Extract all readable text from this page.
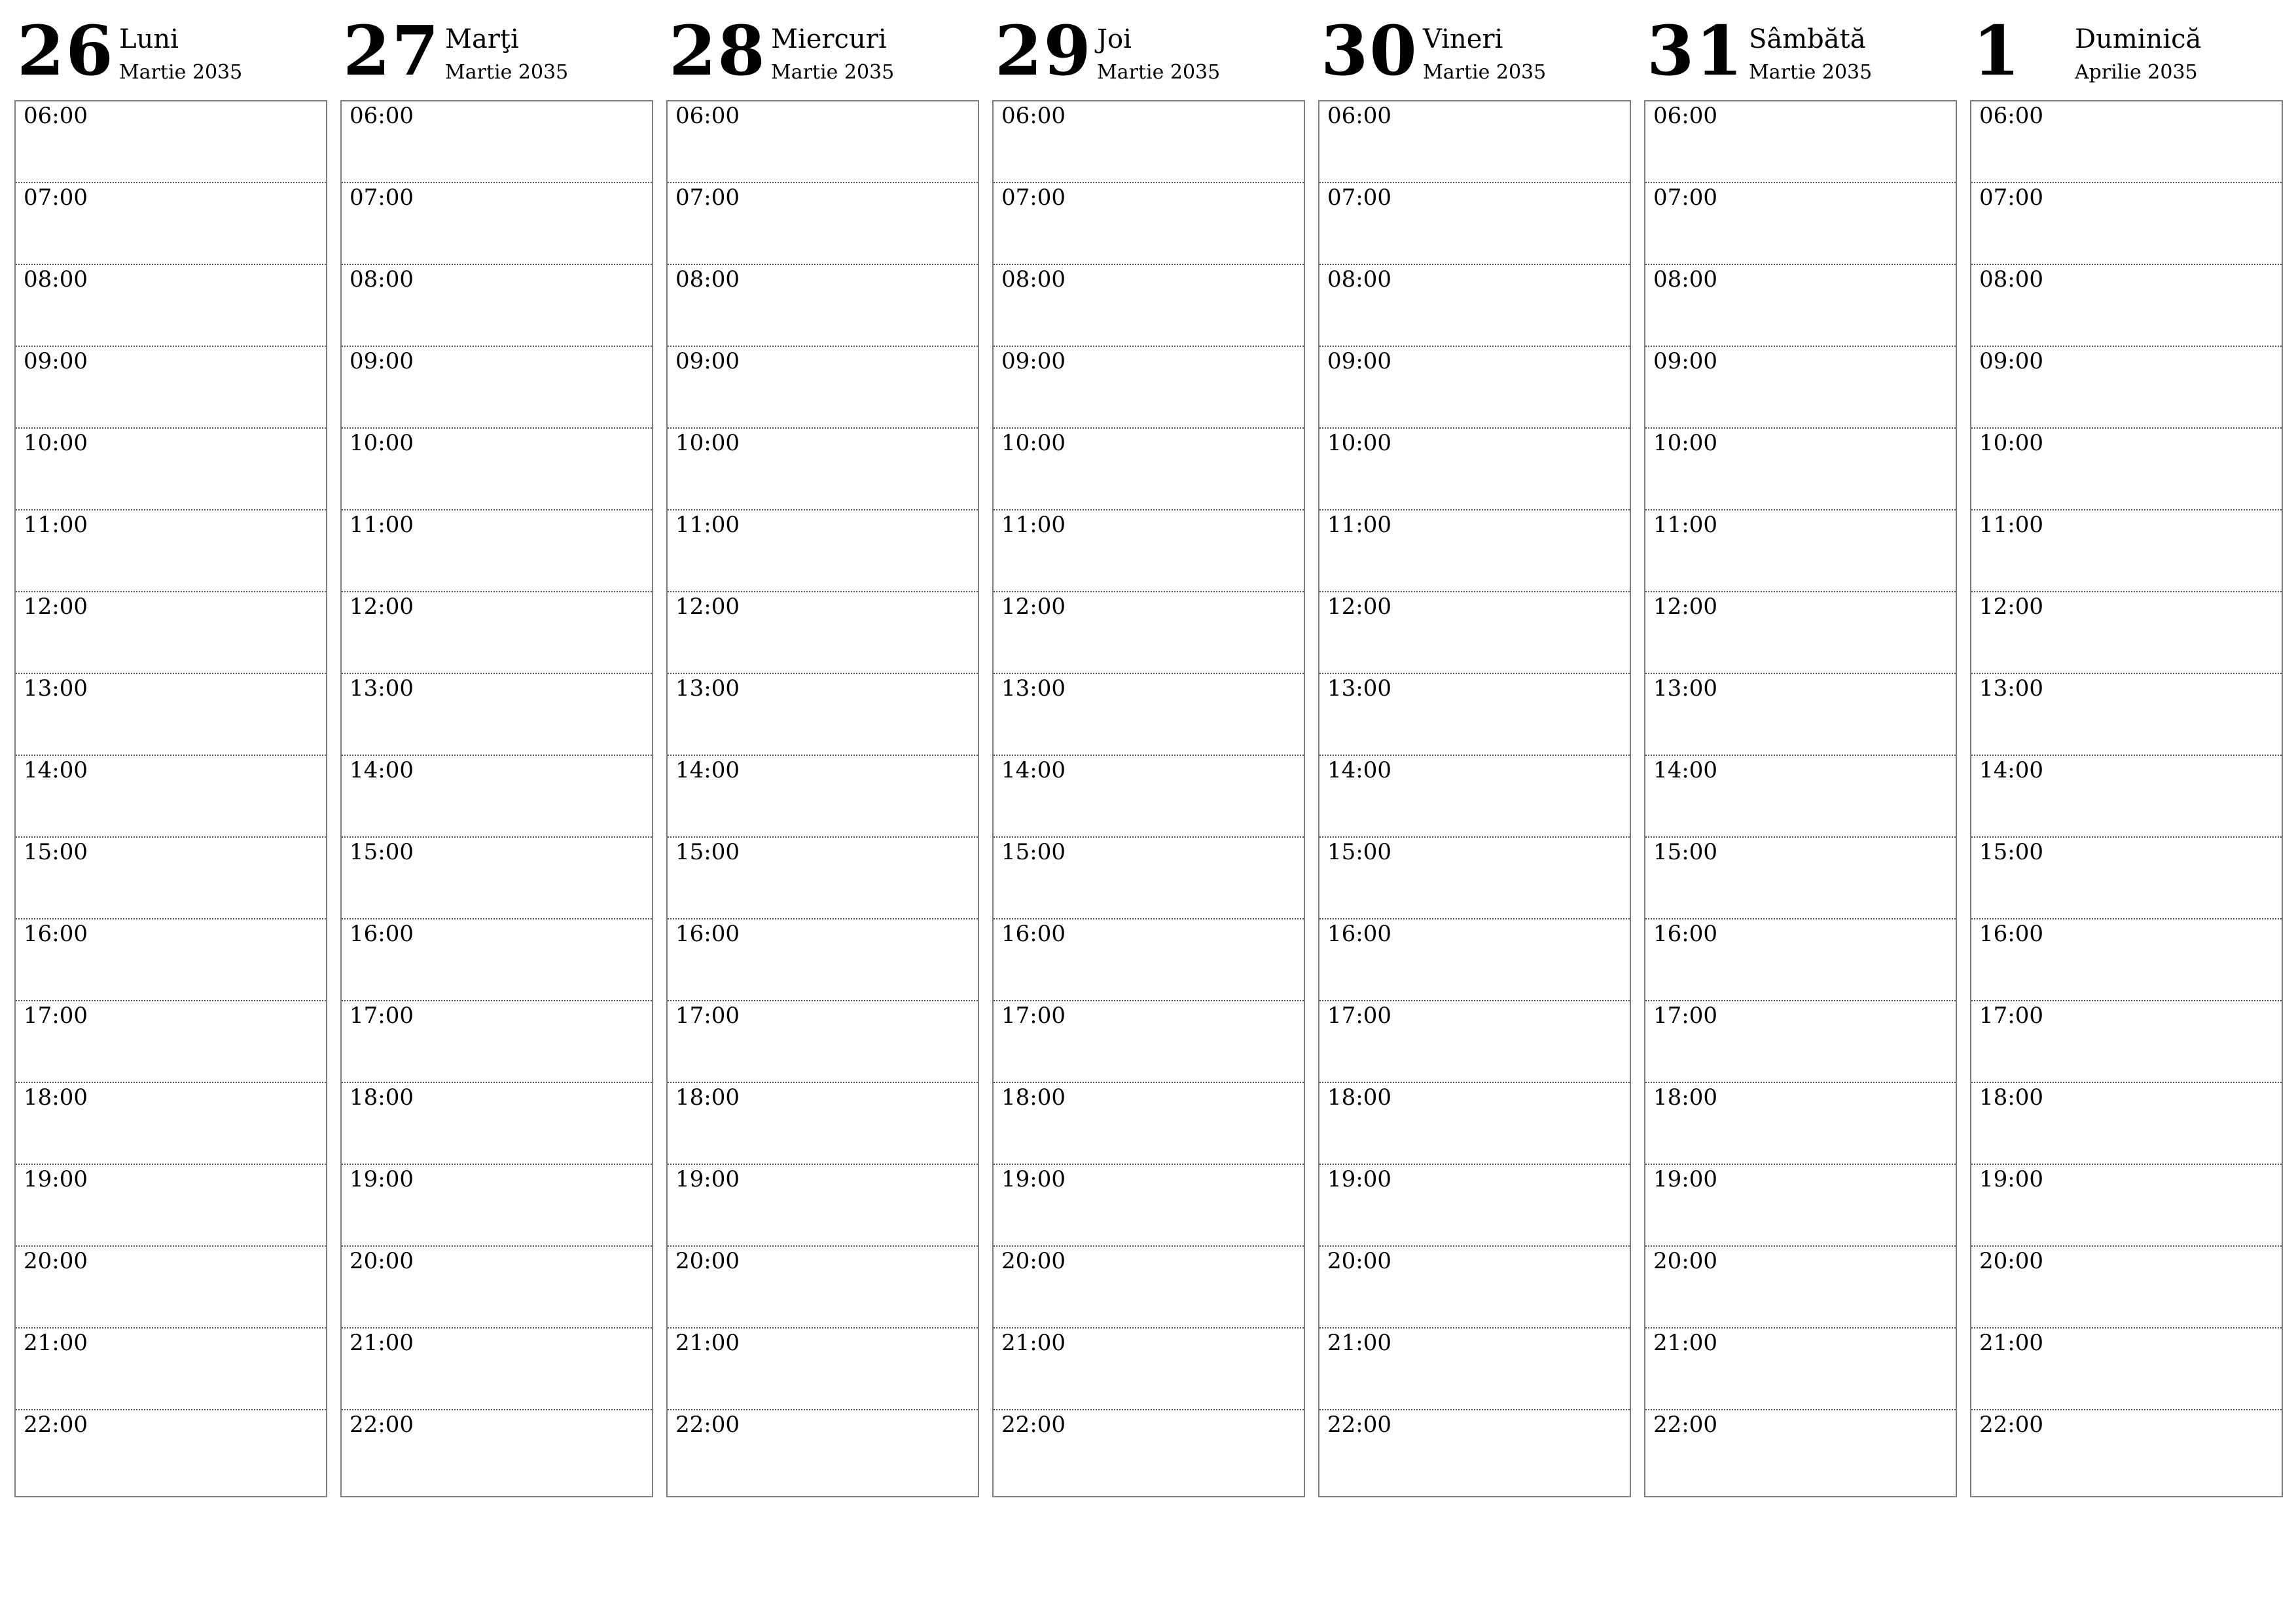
26 Luni
Martie 2035
06:00
07:00
08:00
09:00
10:00
11:00
12:00
13:00
14:00
15:00
16:00
17:00
18:00
19:00
20:00
21:00
22:00
27 Marţi
Martie 2035
06:00
07:00
08:00
09:00
10:00
11:00
12:00
13:00
14:00
15:00
16:00
17:00
18:00
19:00
20:00
21:00
22:00
28 Miercuri
Martie 2035
06:00
07:00
08:00
09:00
10:00
11:00
12:00
13:00
14:00
15:00
16:00
17:00
18:00
19:00
20:00
21:00
22:00
29 Joi
Martie 2035
06:00
07:00
08:00
09:00
10:00
11:00
12:00
13:00
14:00
15:00
16:00
17:00
18:00
19:00
20:00
21:00
22:00
30 Vineri
Martie 2035
06:00
07:00
08:00
09:00
10:00
11:00
12:00
13:00
14:00
15:00
16:00
17:00
18:00
19:00
20:00
21:00
22:00
31 Sâmbătă
Martie 2035
06:00
07:00
08:00
09:00
10:00
11:00
12:00
13:00
14:00
15:00
16:00
17:00
18:00
19:00
20:00
21:00
22:00
1 Duminică
Aprilie 2035
06:00
07:00
08:00
09:00
10:00
11:00
12:00
13:00
14:00
15:00
16:00
17:00
18:00
19:00
20:00
21:00
22:00
